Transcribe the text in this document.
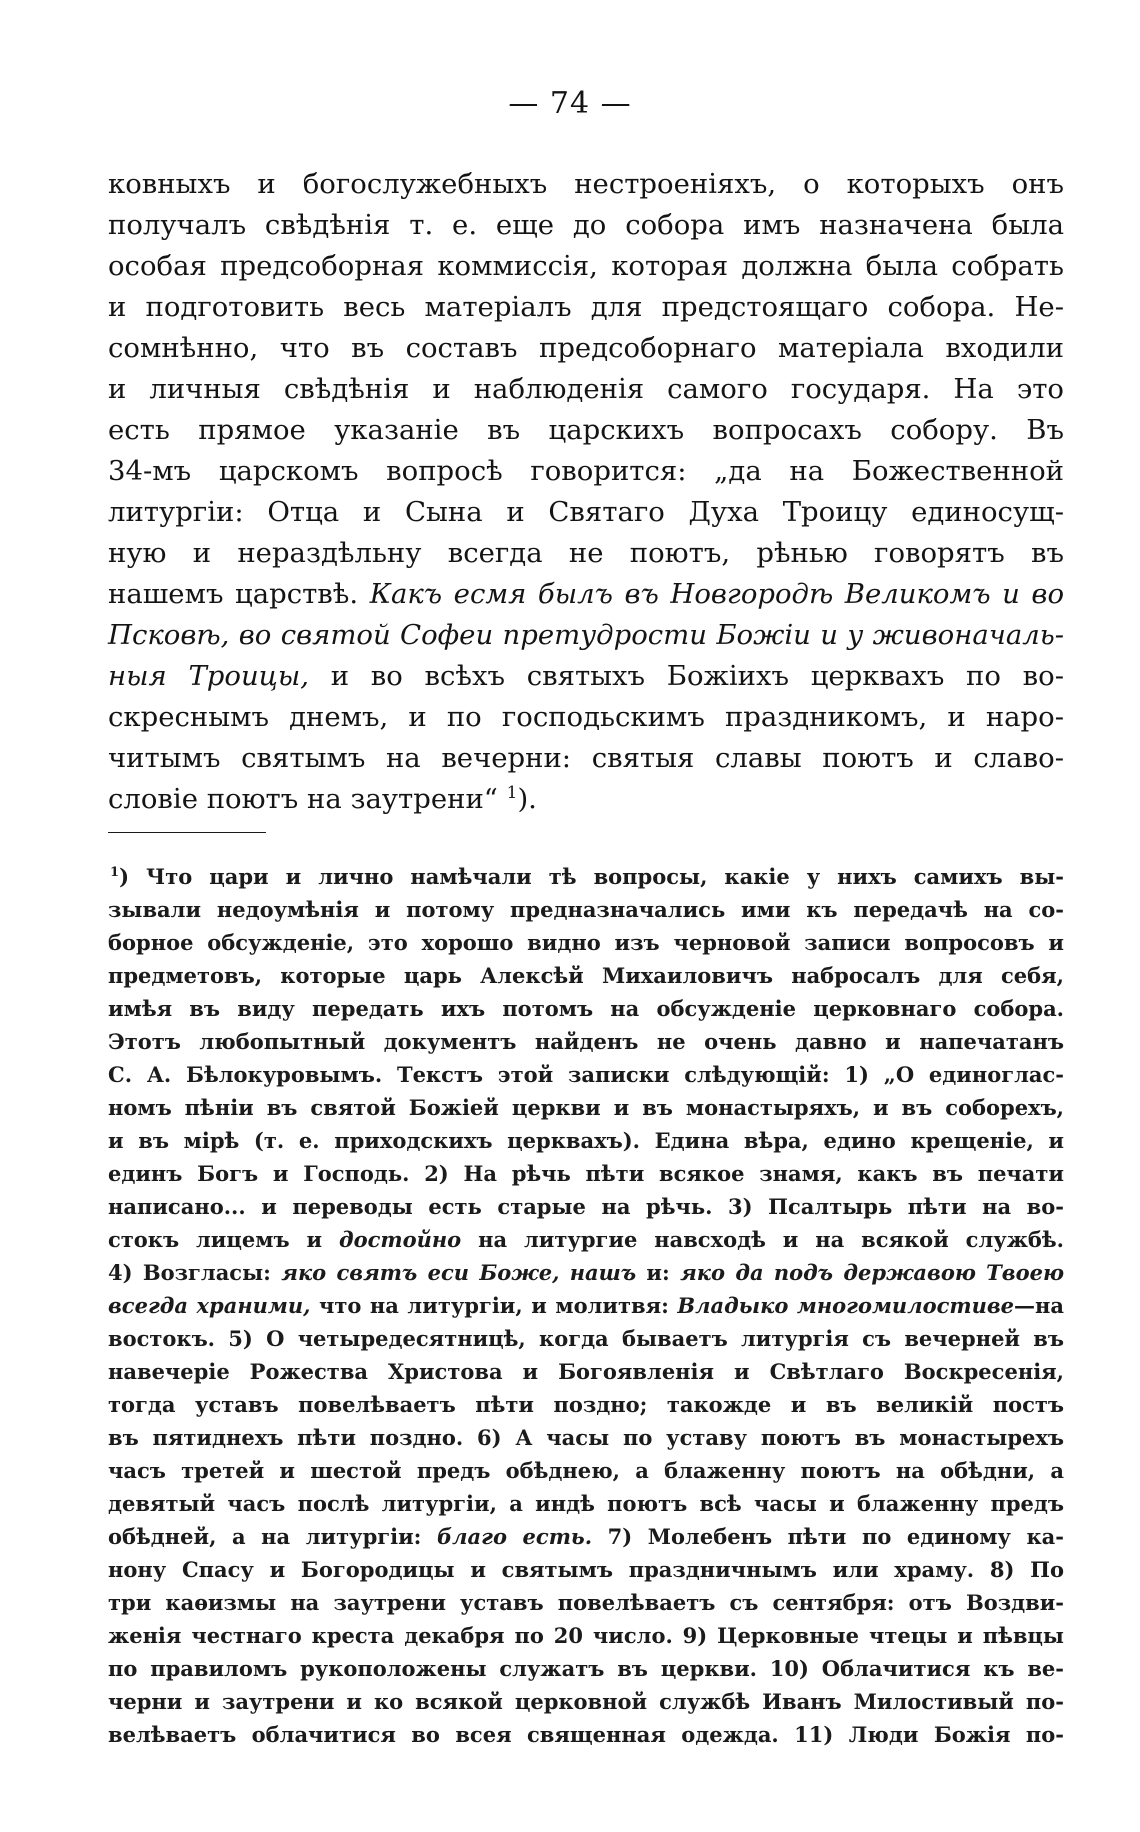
— 74 —
ковныхъ и богослужебныхъ нестроеніяхъ, о которыхъ онъ
получалъ свѣдѣнія т. е. еще до собора имъ назначена была
особая предсоборная коммиссія, которая должна была собрать
и подготовить весь матеріалъ для предстоящаго собора. Не-
сомнѣнно, что въ составъ предсоборнаго матеріала входили
и личныя свѣдѣнія и наблюденія самого государя. На это
есть прямое указаніе въ царскихъ вопросахъ собору. Въ
34-мъ царскомъ вопросѣ говорится: „да на Божественной
литургіи: Отца и Сына и Святаго Духа Троицу единосущ-
ную и нераздѣльну всегда не поютъ, рѣнью говорятъ въ
нашемъ царствѣ. Какъ есмя былъ въ Новгородѣ Великомъ и во
Псковѣ, во святой Софеи претудрости Божіи и у живоначаль-
ныя Троицы, и во всѣхъ святыхъ Божіихъ церквахъ по во-
скреснымъ днемъ, и по господьскимъ праздникомъ, и наро-
читымъ святымъ на вечерни: святыя славы поютъ и славо-
словіе поютъ на заутрени“ $^1$).
$^1$) Что цари и лично намѣчали тѣ вопросы, какіе у нихъ самихъ вы-
зывали недоумѣнія и потому предназначались ими къ передачѣ на со-
борное обсужденіе, это хорошо видно изъ черновой записи вопросовъ и
предметовъ, которые царь Алексѣй Михаиловичъ набросалъ для себя,
имѣя въ виду передать ихъ потомъ на обсужденіе церковнаго собора.
Этотъ любопытный документъ найденъ не очень давно и напечатанъ
С. А. Бѣлокуровымъ. Текстъ этой записки слѣдующій: 1) „О единоглас-
номъ пѣніи въ святой Божіей церкви и въ монастыряхъ, и въ соборехъ,
и въ мірѣ (т. е. приходскихъ церквахъ). Едина вѣра, едино крещеніе, и
единъ Богъ и Господь. 2) На рѣчь пѣти всякое знамя, какъ въ печати
написано... и переводы есть старые на рѣчь. 3) Псалтырь пѣти на во-
стокъ лицемъ и достойно на литургие навсходѣ и на всякой службѣ.
4) Возгласы: яко святъ еси Боже, нашъ и: яко да подъ державою Твоею
всегда храними, что на литургіи, и молитвя: Владыко многомилостиве—на
востокъ. 5) О четыредесятницѣ, когда бываетъ литургія съ вечерней въ
навечеріе Рожества Христова и Богоявленія и Свѣтлаго Воскресенія,
тогда уставъ повелѣваетъ пѣти поздно; такожде и въ великій постъ
въ пятиднехъ пѣти поздно. 6) А часы по уставу поютъ въ монастырехъ
часъ третей и шестой предъ обѣднею, а блаженну поютъ на обѣдни, а
девятый часъ послѣ литургіи, а индѣ поютъ всѣ часы и блаженну предъ
обѣдней, а на литургіи: благо есть. 7) Молебенъ пѣти по единому ка-
нону Спасу и Богородицы и святымъ праздничнымъ или храму. 8) По
три каѳизмы на заутрени уставъ повелѣваетъ съ сентября: отъ Воздви-
женія честнаго креста декабря по 20 число. 9) Церковные чтецы и пѣвцы
по правиломъ рукоположены служатъ въ церкви. 10) Облачитися къ ве-
черни и заутрени и ко всякой церковной службѣ Иванъ Милостивый по-
велѣваетъ облачитися во всея священная одежда. 11) Люди Божія по-
